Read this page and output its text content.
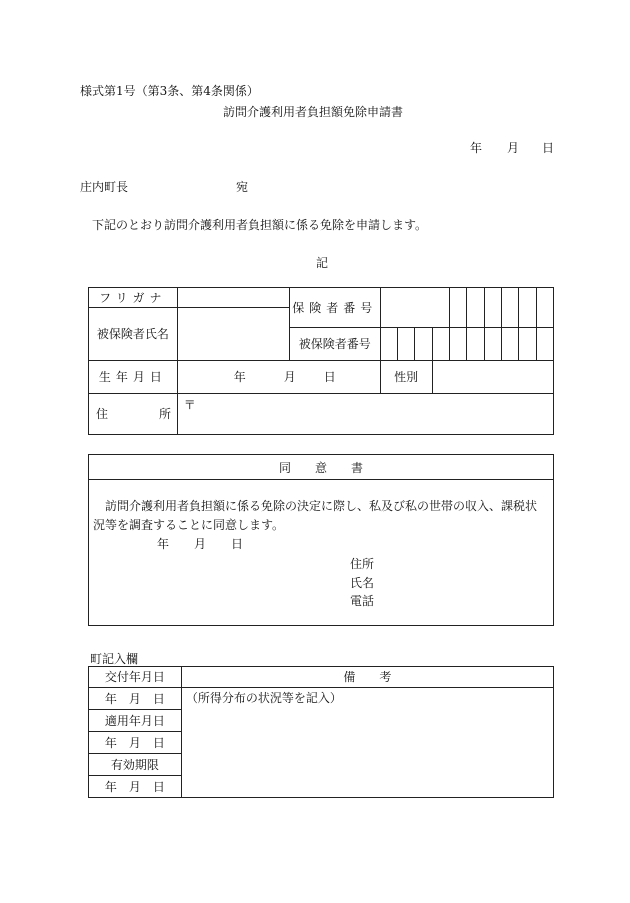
様式第1号（第3条、第4条関係）
訪問介護利用者負担額免除申請書
年 月 日
庄内町長	宛
下記のとおり訪問介護利用者負担額に係る免除を申請します。
記
フリガナ		保険者番号										
被保険者氏名												
		被保険者番号										
生年月日	年 月 日		性別									

住 所	〒											
同　　意　　書
訪問介護利用者負担額に係る免除の決定に際し、私及び私の世帯の収入、課税状
況等を調査することに同意します。
年 月 日
住所
氏名
電話
町記入欄
交付年月日	備　　考
年　月　日	（所得分布の状況等を記入）
適用年月日	
年　月　日	
有効期限	
年　月　日	
